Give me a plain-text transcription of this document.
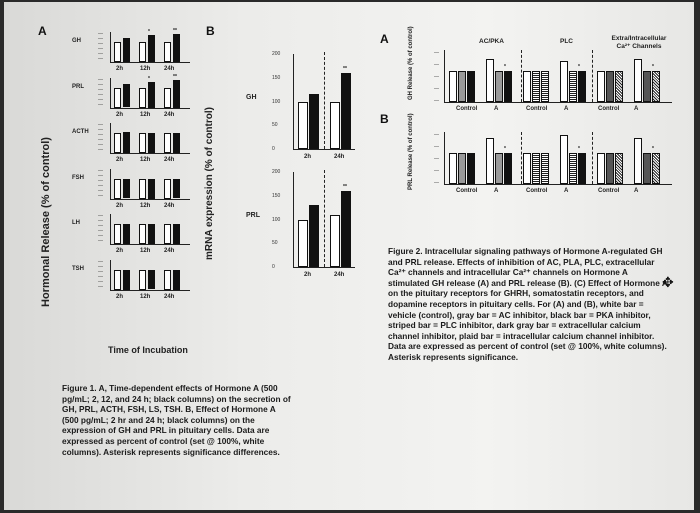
A	B
Hormonal Release (% of control)
GH
—
—
—
—
—
—
*	**
2h	12h 24h
PRL
—
—
—
—
—
—
*	**
2h	12h 24h
ACTH
—
—
—
—
—
—
2h	12h 24h
FSH
—
—
—
—
—
—
2h	12h 24h
LH
—
—
—
—
—
—
2h	12h 24h
TSH
—
—
—
—
—
—
2h	12h 24h
Time of Incubation
mRNA expression (% of control)
GH
200
150
100
50
0
**
2h	24h
PRL
200
150
100
50
0
**
2h	24h

Figure 1. A, Time-dependent effects of Hormone A (500 pg/mL; 2, 12, and 24 h; black columns) on the secretion of GH, PRL, ACTH, FSH, LS, TSH. B, Effect of Hormone A (500 pg/mL; 2 hr and 24 h; black columns) on the expression of GH and PRL in pituitary cells. Data are expressed as percent of control (set @ 100%, white columns). Asterisk represents significance differences.

A
B
AC/PKA	PLC	Extra/Intracellular Ca²⁺ Channels
—
—
—
—
—
*	*	*
Control	A	Control	A	Control A
—
—
—
—
—
*	*	*
Control	A	Control	A	Control A
GH Release (% of control)
PRL Release (% of control)

Figure 2. Intracellular signaling pathways of Hormone A-regulated GH and PRL release. Effects of inhibition of AC, PLA, PLC, extracellular Ca²⁺ channels and intracellular Ca²⁺ channels on Hormone A stimulated GH release (A) and PRL release (B). (C) Effect of Hormone A on the pituitary receptors for GHRH, somatostatin receptors, and dopamine receptors in pituitary cells. For (A) and (B), white bar = vehicle (control), gray bar = AC inhibitor, black bar = PKA inhibitor, striped bar = PLC inhibitor, dark gray bar = extracellular calcium channel inhibitor, plaid bar = intracellular calcium channel inhibitor. Data are expressed as percent of control (set @ 100%, white columns). Asterisk represents significance.

✥
